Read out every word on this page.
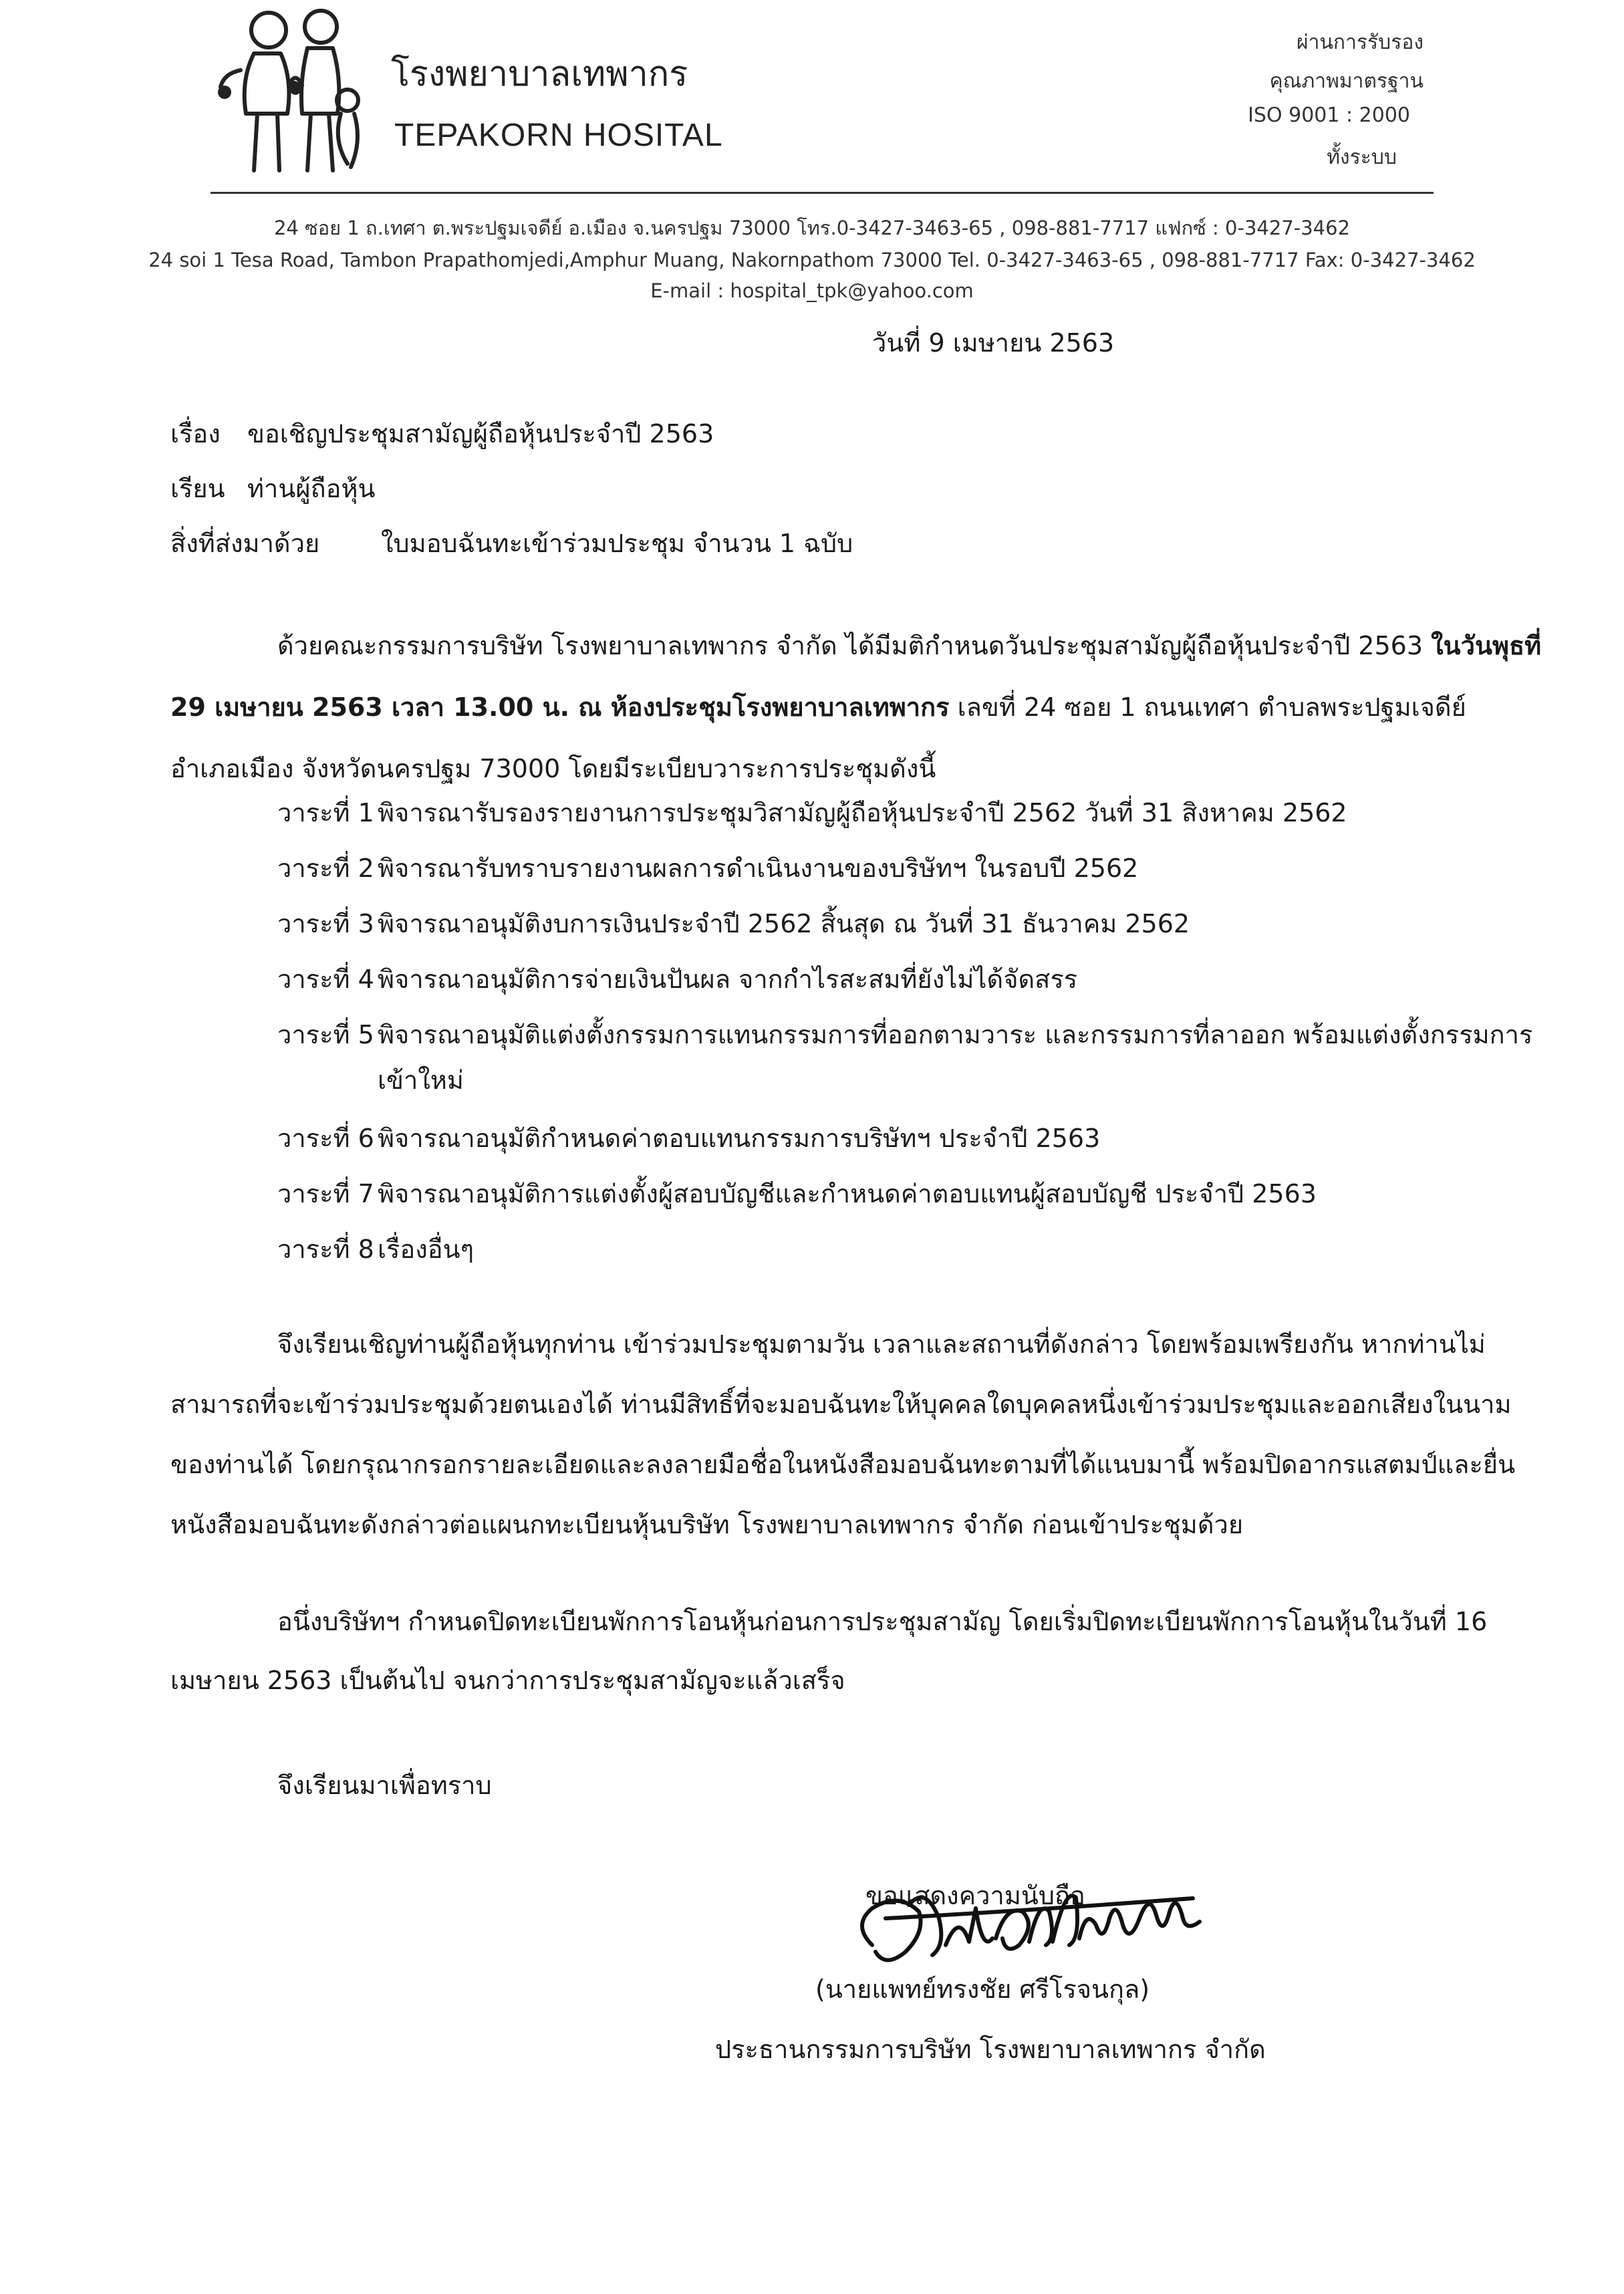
โรงพยาบาลเทพากร
TEPAKORN HOSITAL
ผ่านการรับรอง
คุณภาพมาตรฐาน
ISO 9001 : 2000
ทั้งระบบ
24 ซอย 1 ถ.เทศา ต.พระปฐมเจดีย์ อ.เมือง จ.นครปฐม 73000 โทร.0-3427-3463-65 , 098-881-7717 แฟกซ์ : 0-3427-3462
24 soi 1 Tesa Road, Tambon Prapathomjedi,Amphur Muang, Nakornpathom 73000 Tel. 0-3427-3463-65 , 098-881-7717 Fax: 0-3427-3462
E-mail : hospital_tpk@yahoo.com
วันที่ 9 เมษายน 2563
เรื่อง ขอเชิญประชุมสามัญผู้ถือหุ้นประจำปี 2563
เรียน ท่านผู้ถือหุ้น
สิ่งที่ส่งมาด้วย ใบมอบฉันทะเข้าร่วมประชุม จำนวน 1 ฉบับ
ด้วยคณะกรรมการบริษัท โรงพยาบาลเทพากร จำกัด ได้มีมติกำหนดวันประชุมสามัญผู้ถือหุ้นประจำปี 2563 ในวันพุธที่
29 เมษายน 2563 เวลา 13.00 น. ณ ห้องประชุมโรงพยาบาลเทพากร เลขที่ 24 ซอย 1 ถนนเทศา ตำบลพระปฐมเจดีย์
อำเภอเมือง จังหวัดนครปฐม 73000 โดยมีระเบียบวาระการประชุมดังนี้
วาระที่ 1 พิจารณารับรองรายงานการประชุมวิสามัญผู้ถือหุ้นประจำปี 2562 วันที่ 31 สิงหาคม 2562
วาระที่ 2 พิจารณารับทราบรายงานผลการดำเนินงานของบริษัทฯ ในรอบปี 2562
วาระที่ 3 พิจารณาอนุมัติงบการเงินประจำปี 2562 สิ้นสุด ณ วันที่ 31 ธันวาคม 2562
วาระที่ 4 พิจารณาอนุมัติการจ่ายเงินปันผล จากกำไรสะสมที่ยังไม่ได้จัดสรร
วาระที่ 5 พิจารณาอนุมัติแต่งตั้งกรรมการแทนกรรมการที่ออกตามวาระ และกรรมการที่ลาออก พร้อมแต่งตั้งกรรมการ
เข้าใหม่
วาระที่ 6 พิจารณาอนุมัติกำหนดค่าตอบแทนกรรมการบริษัทฯ ประจำปี 2563
วาระที่ 7 พิจารณาอนุมัติการแต่งตั้งผู้สอบบัญชีและกำหนดค่าตอบแทนผู้สอบบัญชี ประจำปี 2563
วาระที่ 8 เรื่องอื่นๆ
จึงเรียนเชิญท่านผู้ถือหุ้นทุกท่าน เข้าร่วมประชุมตามวัน เวลาและสถานที่ดังกล่าว โดยพร้อมเพรียงกัน หากท่านไม่
สามารถที่จะเข้าร่วมประชุมด้วยตนเองได้ ท่านมีสิทธิ์ที่จะมอบฉันทะให้บุคคลใดบุคคลหนึ่งเข้าร่วมประชุมและออกเสียงในนาม
ของท่านได้ โดยกรุณากรอกรายละเอียดและลงลายมือชื่อในหนังสือมอบฉันทะตามที่ได้แนบมานี้ พร้อมปิดอากรแสตมป์และยื่น
หนังสือมอบฉันทะดังกล่าวต่อแผนกทะเบียนหุ้นบริษัท โรงพยาบาลเทพากร จำกัด ก่อนเข้าประชุมด้วย
อนึ่งบริษัทฯ กำหนดปิดทะเบียนพักการโอนหุ้นก่อนการประชุมสามัญ โดยเริ่มปิดทะเบียนพักการโอนหุ้นในวันที่ 16
เมษายน 2563 เป็นต้นไป จนกว่าการประชุมสามัญจะแล้วเสร็จ
จึงเรียนมาเพื่อทราบ
ขอแสดงความนับถือ
(นายแพทย์ทรงชัย ศรีโรจนกุล)
ประธานกรรมการบริษัท โรงพยาบาลเทพากร จำกัด
